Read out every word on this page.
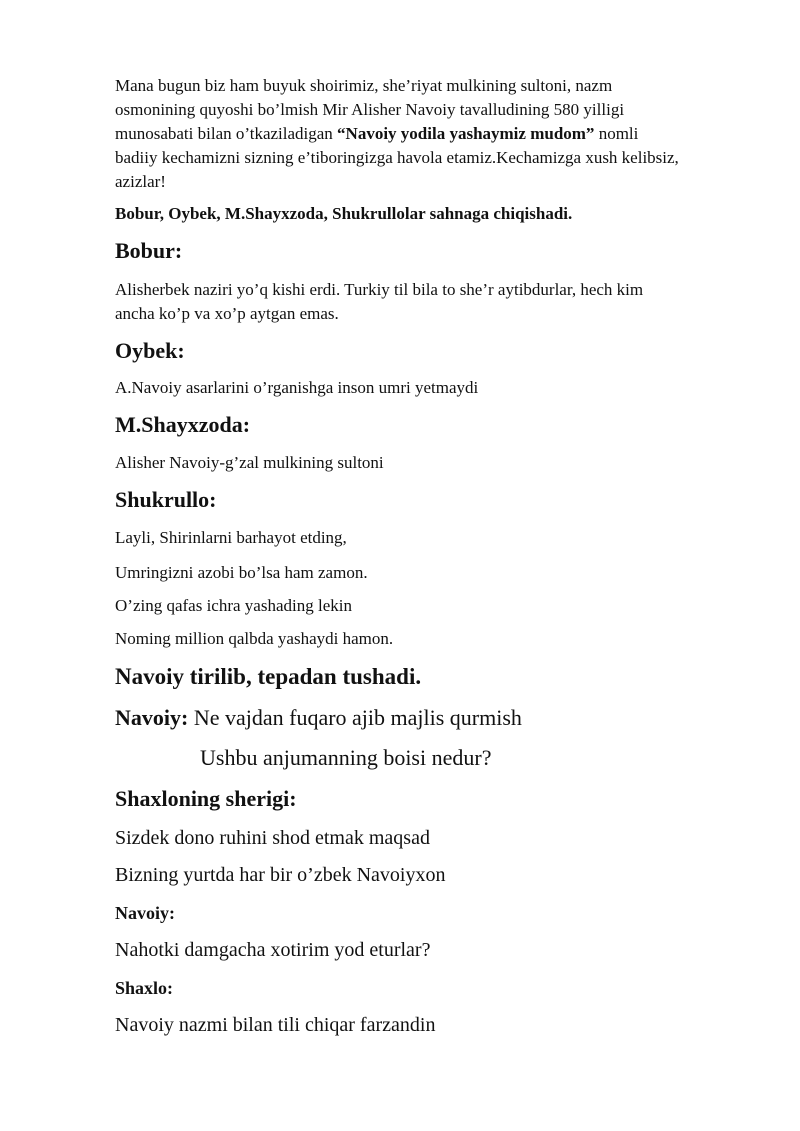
Mana bugun biz ham buyuk shoirimiz, she’riyat mulkining sultoni, nazm
osmonining quyoshi bo’lmish Mir Alisher Navoiy tavalludining 580 yilligi
munosabati bilan o’tkaziladigan “Navoiy yodila yashaymiz mudom” nomli
badiiy kechamizni sizning e’tiboringizga havola etamiz.Kechamizga xush kelibsiz,
azizlar!
Bobur, Oybek, M.Shayxzoda, Shukrullolar sahnaga chiqishadi.
Bobur:
Alisherbek naziri yo’q kishi erdi. Turkiy til bila to she’r aytibdurlar, hech kim
ancha ko’p va xo’p aytgan emas.
Oybek:
A.Navoiy asarlarini o’rganishga inson umri yetmaydi
M.Shayxzoda:
Alisher Navoiy-g’zal mulkining sultoni
Shukrullo:
Layli, Shirinlarni barhayot etding,
Umringizni azobi bo’lsa ham zamon.
O’zing qafas ichra yashading lekin
Noming million qalbda yashaydi hamon.
Navoiy tirilib, tepadan tushadi.
Navoiy: Ne vajdan fuqaro ajib majlis qurmish
Ushbu anjumanning boisi nedur?
Shaxloning sherigi:
Sizdek dono ruhini shod etmak maqsad
Bizning yurtda har bir o’zbek Navoiyxon
Navoiy:
Nahotki damgacha xotirim yod eturlar?
Shaxlo:
Navoiy nazmi bilan tili chiqar farzandin
